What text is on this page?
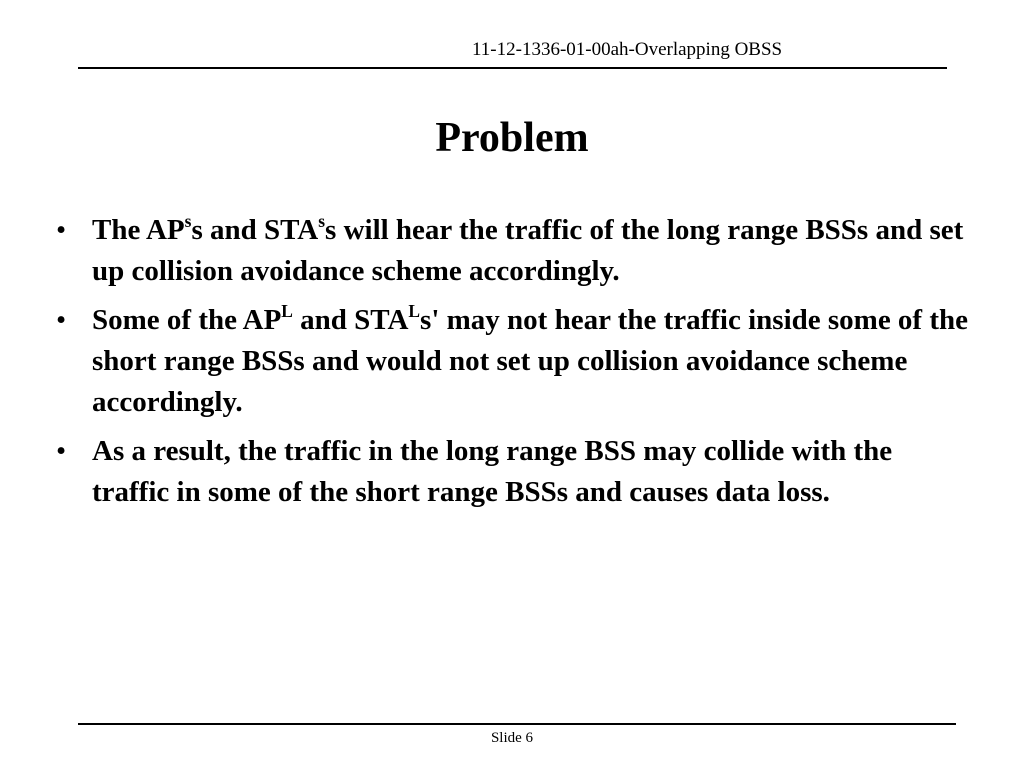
11-12-1336-01-00ah-Overlapping OBSS
Problem
• The $AP^ss$ and STA$^s$s will hear the traffic of the long range BSSs and set up collision avoidance scheme accordingly.
• Some of the $AP^L$ and $STA^Ls'$ may not hear the traffic inside some of the short range BSSs and would not set up collision avoidance scheme accordingly.
• As a result, the traffic in the long range BSS may collide with the traffic in some of the short range BSSs and causes data loss.
Slide 6
